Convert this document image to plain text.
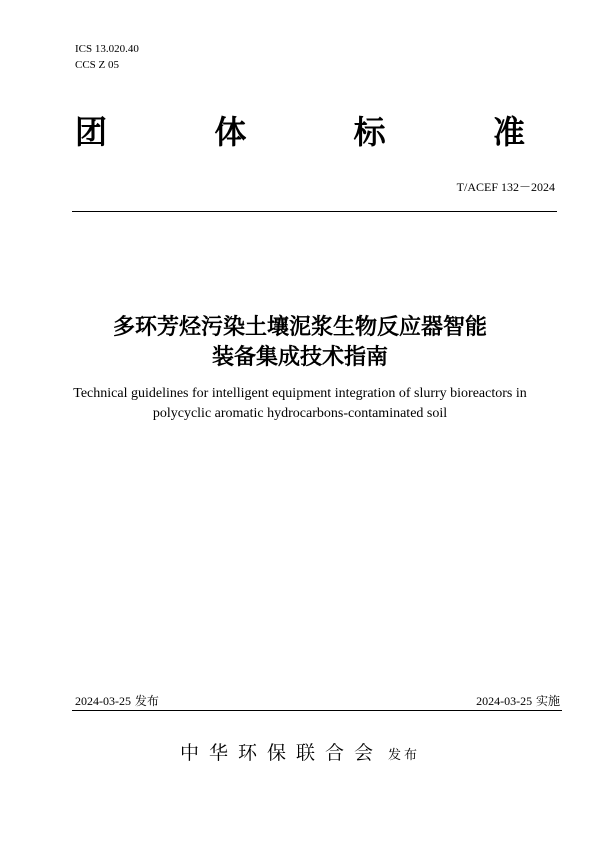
ICS 13.020.40
CCS Z 05
团	体	标	准
T/ACEF 132－2024
多环芳烃污染土壤泥浆生物反应器智能
装备集成技术指南
Technical guidelines for intelligent equipment integration of slurry bioreactors in
polycyclic aromatic hydrocarbons-contaminated soil
2024-03-25 发布	2024-03-25 实施
中华环保联合会 发布
